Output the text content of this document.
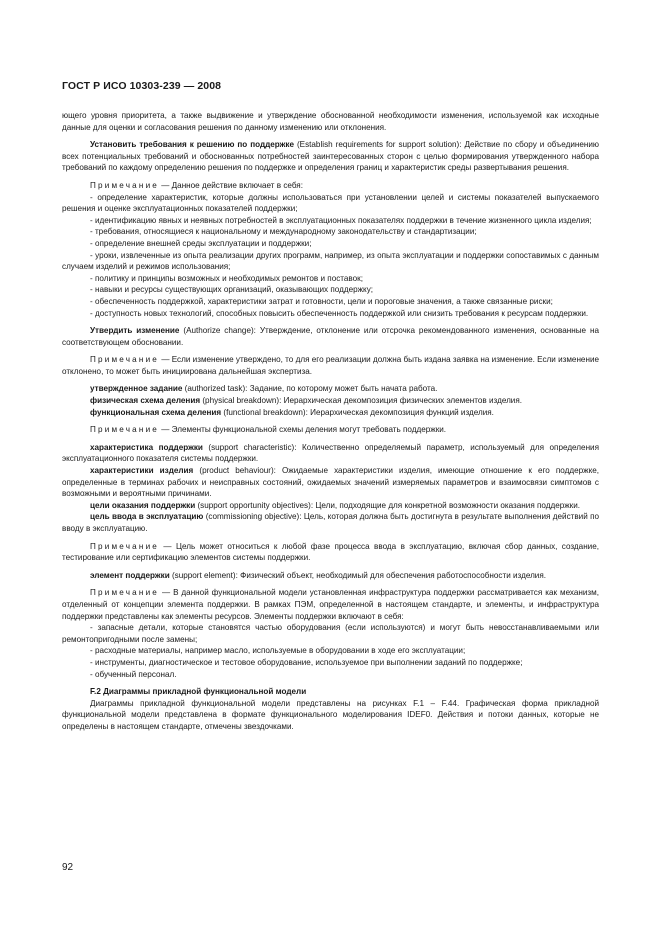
ГОСТ Р ИСО 10303-239 — 2008

ющего уровня приоритета, а также выдвижение и утверждение обоснованной необходимости изменения, используемой как исходные данные для оценки и согласования решения по данному изменению или отклонения.

Установить требования к решению по поддержке (Establish requirements for support solution): Действие по сбору и объединению всех потенциальных требований и обоснованных потребностей заинтересованных сторон с целью формирования утвержденного набора требований по каждому определению решения по поддержке и определения границ и характеристик среды развертывания решения.

Примечание — Данное действие включает в себя:

- определение характеристик, которые должны использоваться при установлении целей и системы показателей выпускаемого решения и оценке эксплуатационных показателей поддержки;

- идентификацию явных и неявных потребностей в эксплуатационных показателях поддержки в течение жизненного цикла изделия;

- требования, относящиеся к национальному и международному законодательству и стандартизации;

- определение внешней среды эксплуатации и поддержки;

- уроки, извлеченные из опыта реализации других программ, например, из опыта эксплуатации и поддержки сопоставимых с данным случаем изделий и режимов использования;

- политику и принципы возможных и необходимых ремонтов и поставок;

- навыки и ресурсы существующих организаций, оказывающих поддержку;

- обеспеченность поддержкой, характеристики затрат и готовности, цели и пороговые значения, а также связанные риски;

- доступность новых технологий, способных повысить обеспеченность поддержкой или снизить требования к ресурсам поддержки.

Утвердить изменение (Authorize change): Утверждение, отклонение или отсрочка рекомендованного изменения, основанные на соответствующем обосновании.

Примечание — Если изменение утверждено, то для его реализации должна быть издана заявка на изменение. Если изменение отклонено, то может быть инициирована дальнейшая экспертиза.

утвержденное задание (authorized task): Задание, по которому может быть начата работа.

физическая схема деления (physical breakdown): Иерархическая декомпозиция физических элементов изделия.

функциональная схема деления (functional breakdown): Иерархическая декомпозиция функций изделия.

Примечание — Элементы функциональной схемы деления могут требовать поддержки.

характеристика поддержки (support characteristic): Количественно определяемый параметр, используемый для определения эксплуатационного показателя системы поддержки.

характеристики изделия (product behaviour): Ожидаемые характеристики изделия, имеющие отношение к его поддержке, определенные в терминах рабочих и неисправных состояний, ожидаемых значений измеряемых параметров и взаимосвязи симптомов с возможными и вероятными причинами.

цели оказания поддержки (support opportunity objectives): Цели, подходящие для конкретной возможности оказания поддержки.

цель ввода в эксплуатацию (commissioning objective): Цель, которая должна быть достигнута в результате выполнения действий по вводу в эксплуатацию.

Примечание — Цель может относиться к любой фазе процесса ввода в эксплуатацию, включая сбор данных, создание, тестирование или сертификацию элементов системы поддержки.

элемент поддержки (support element): Физический объект, необходимый для обеспечения работоспособности изделия.

Примечание — В данной функциональной модели установленная инфраструктура поддержки рассматривается как механизм, отделенный от концепции элемента поддержки. В рамках ПЭМ, определенной в настоящем стандарте, и элементы, и инфраструктура поддержки представлены как элементы ресурсов. Элементы поддержки включают в себя:

- запасные детали, которые становятся частью оборудования (если используются) и могут быть невосстанавливаемыми или ремонтопригодными после замены;

- расходные материалы, например масло, используемые в оборудовании в ходе его эксплуатации;

- инструменты, диагностическое и тестовое оборудование, используемое при выполнении заданий по поддержке;

- обученный персонал.

F.2 Диаграммы прикладной функциональной модели

Диаграммы прикладной функциональной модели представлены на рисунках F.1 – F.44. Графическая форма прикладной функциональной модели представлена в формате функционального моделирования IDEF0. Действия и потоки данных, которые не определены в настоящем стандарте, отмечены звездочками.

92
